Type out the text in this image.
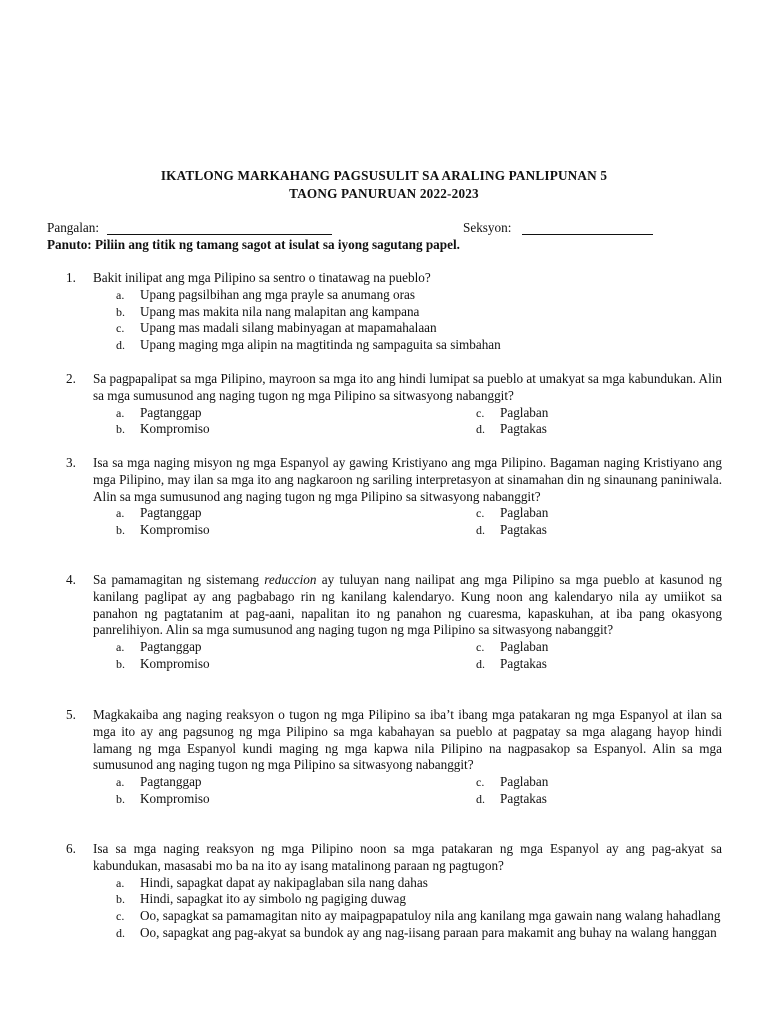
IKATLONG MARKAHANG PAGSUSULIT SA ARALING PANLIPUNAN 5
TAONG PANURUAN 2022-2023
Pangalan:	Seksyon:
Panuto: Piliin ang titik ng tamang sagot at isulat sa iyong sagutang papel.
1. Bakit inilipat ang mga Pilipino sa sentro o tinatawag na pueblo?
a.	Upang pagsilbihan ang mga prayle sa anumang oras
b.	Upang mas makita nila nang malapitan ang kampana
c.	Upang mas madali silang mabinyagan at mapamahalaan
d.	Upang maging mga alipin na magtitinda ng sampaguita sa simbahan
2. Sa pagpapalipat sa mga Pilipino, mayroon sa mga ito ang hindi lumipat sa pueblo at umakyat sa mga kabundukan. Alin sa mga sumusunod ang naging tugon ng mga Pilipino sa sitwasyong nabanggit?
a.	Pagtanggap	c.	Paglaban
b.	Kompromiso	d.	Pagtakas
3. Isa sa mga naging misyon ng mga Espanyol ay gawing Kristiyano ang mga Pilipino. Bagaman naging Kristiyano ang mga Pilipino, may ilan sa mga ito ang nagkaroon ng sariling interpretasyon at sinamahan din ng sinaunang paniniwala. Alin sa mga sumusunod ang naging tugon ng mga Pilipino sa sitwasyong nabanggit?
a.	Pagtanggap	c.	Paglaban
b.	Kompromiso	d.	Pagtakas
4. Sa pamamagitan ng sistemang reduccion ay tuluyan nang nailipat ang mga Pilipino sa mga pueblo at kasunod ng kanilang paglipat ay ang pagbabago rin ng kanilang kalendaryo. Kung noon ang kalendaryo nila ay umiikot sa panahon ng pagtatanim at pag-aani, napalitan ito ng panahon ng cuaresma, kapaskuhan, at iba pang okasyong panrelihiyon. Alin sa mga sumusunod ang naging tugon ng mga Pilipino sa sitwasyong nabanggit?
a.	Pagtanggap	c.	Paglaban
b.	Kompromiso	d.	Pagtakas
5. Magkakaiba ang naging reaksyon o tugon ng mga Pilipino sa iba’t ibang mga patakaran ng mga Espanyol at ilan sa mga ito ay ang pagsunog ng mga Pilipino sa mga kabahayan sa pueblo at pagpatay sa mga alagang hayop hindi lamang ng mga Espanyol kundi maging ng mga kapwa nila Pilipino na nagpasakop sa Espanyol. Alin sa mga sumusunod ang naging tugon ng mga Pilipino sa sitwasyong nabanggit?
a.	Pagtanggap	c.	Paglaban
b.	Kompromiso	d.	Pagtakas
6. Isa sa mga naging reaksyon ng mga Pilipino noon sa mga patakaran ng mga Espanyol ay ang pag-akyat sa kabundukan, masasabi mo ba na ito ay isang matalinong paraan ng pagtugon?
a.	Hindi, sapagkat dapat ay nakipaglaban sila nang dahas
b.	Hindi, sapagkat ito ay simbolo ng pagiging duwag
c.	Oo, sapagkat sa pamamagitan nito ay maipagpapatuloy nila ang kanilang mga gawain nang walang hahadlang
d.	Oo, sapagkat ang pag-akyat sa bundok ay ang nag-iisang paraan para makamit ang buhay na walang hanggan
